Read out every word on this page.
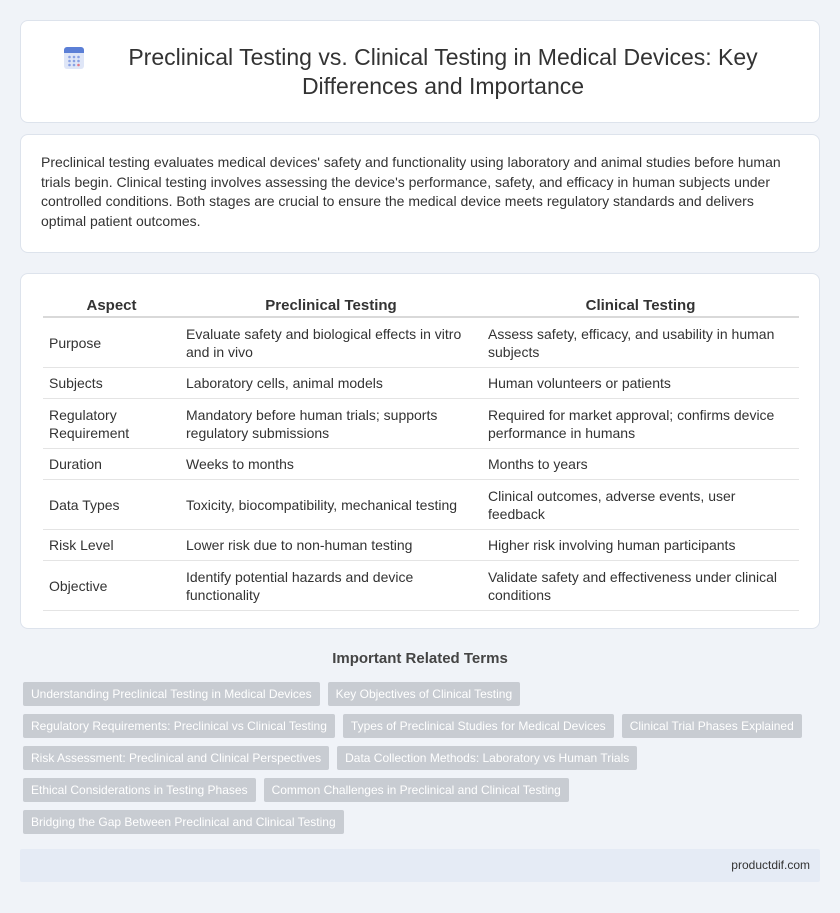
Preclinical Testing vs. Clinical Testing in Medical Devices: Key Differences and Importance

Preclinical testing evaluates medical devices' safety and functionality using laboratory and animal studies before human trials begin. Clinical testing involves assessing the device's performance, safety, and efficacy in human subjects under controlled conditions. Both stages are crucial to ensure the medical device meets regulatory standards and delivers optimal patient outcomes.

Aspect	Preclinical Testing	Clinical Testing
Purpose	Evaluate safety and biological effects in vitro and in vivo	Assess safety, efficacy, and usability in human subjects
Subjects	Laboratory cells, animal models	Human volunteers or patients
Regulatory Requirement	Mandatory before human trials; supports regulatory submissions	Required for market approval; confirms device performance in humans
Duration	Weeks to months	Months to years
Data Types	Toxicity, biocompatibility, mechanical testing	Clinical outcomes, adverse events, user feedback
Risk Level	Lower risk due to non-human testing	Higher risk involving human participants
Objective	Identify potential hazards and device functionality	Validate safety and effectiveness under clinical conditions
Important Related Terms
Understanding Preclinical Testing in Medical Devices	Key Objectives of Clinical Testing
Regulatory Requirements: Preclinical vs Clinical Testing	Types of Preclinical Studies for Medical Devices	Clinical Trial Phases Explained
Risk Assessment: Preclinical and Clinical Perspectives	Data Collection Methods: Laboratory vs Human Trials
Ethical Considerations in Testing Phases	Common Challenges in Preclinical and Clinical Testing
Bridging the Gap Between Preclinical and Clinical Testing
productdif.com
